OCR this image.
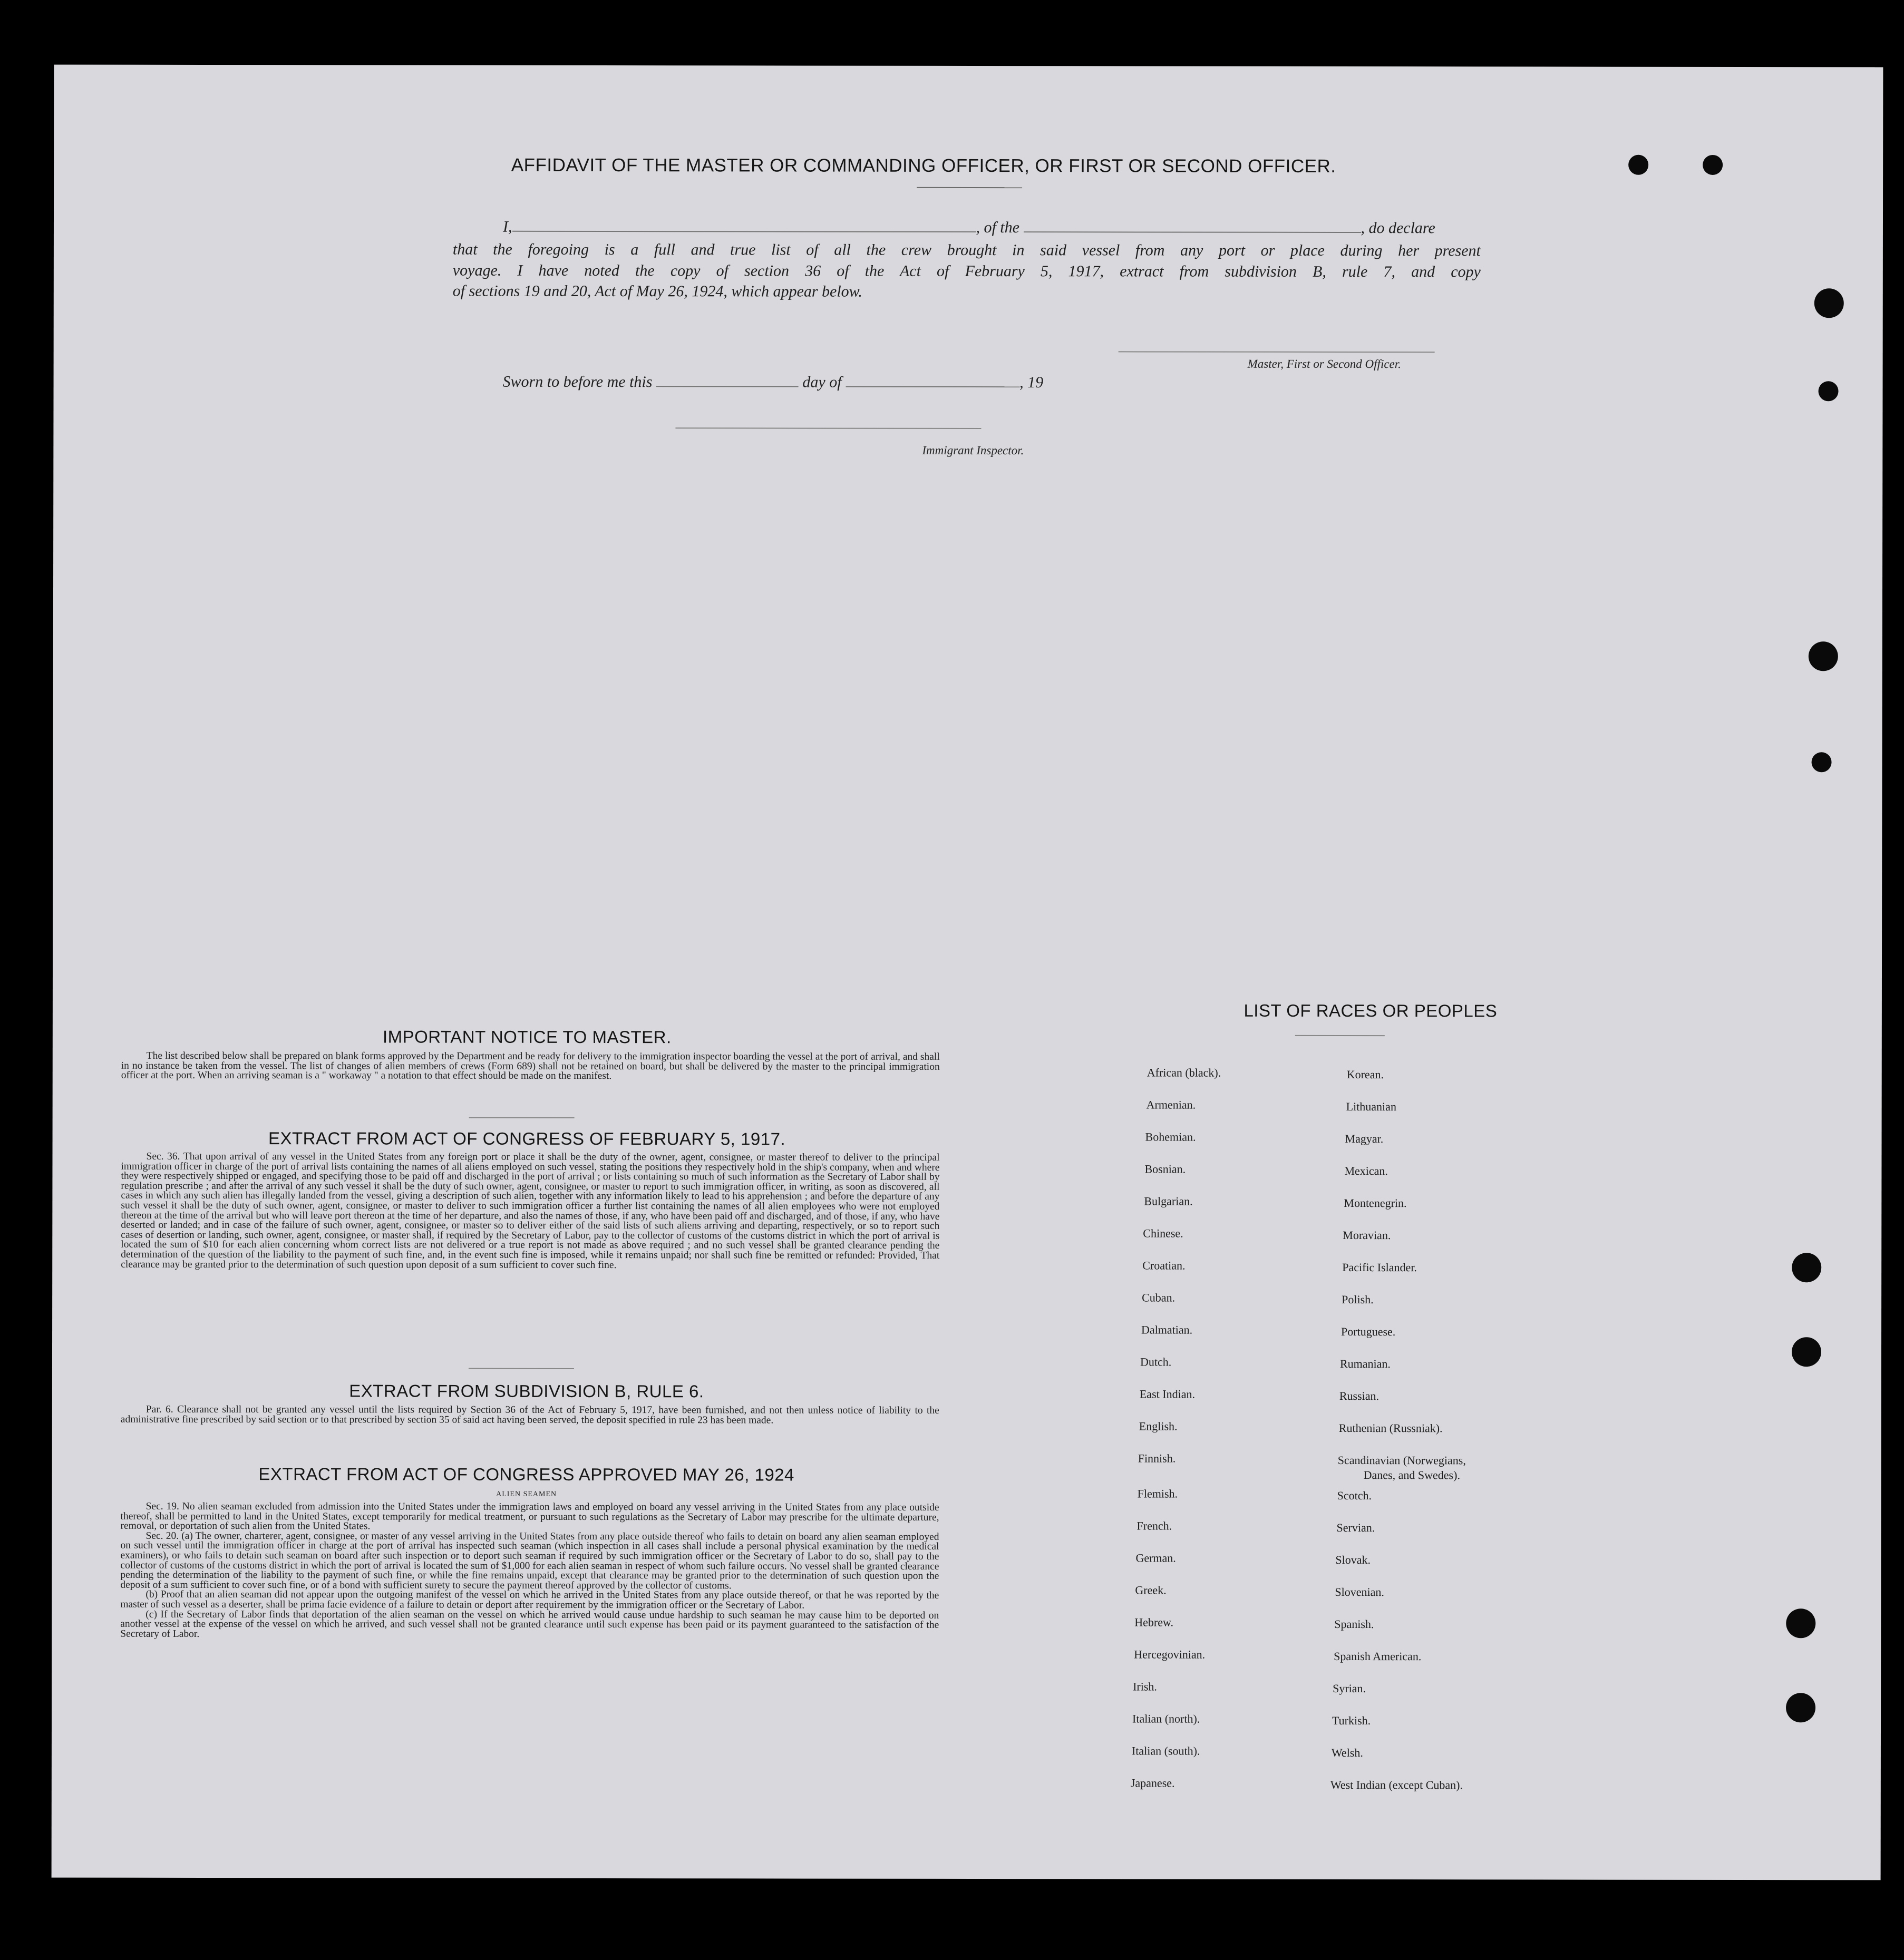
AFFIDAVIT OF THE MASTER OR COMMANDING OFFICER, OR FIRST OR SECOND OFFICER.
I,	, of the	, do declare
that the foregoing is a full and true list of all the crew brought in said vessel from any port or place during her present
voyage. I have noted the copy of section 36 of the Act of February 5, 1917, extract from subdivision B, rule 7, and copy
of sections 19 and 20, Act of May 26, 1924, which appear below.
Master, First or Second Officer.
Sworn to before me this	day of	, 19
Immigrant Inspector.
IMPORTANT NOTICE TO MASTER.

The list described below shall be prepared on blank forms approved by the Department and be ready for delivery to the immigration inspector boarding the vessel at the port of arrival, and shall in no instance be taken from the vessel. The list of changes of alien members of crews (Form 689) shall not be retained on board, but shall be delivered by the master to the principal immigration officer at the port. When an arriving seaman is a " workaway " a notation to that effect should be made on the manifest.

EXTRACT FROM ACT OF CONGRESS OF FEBRUARY 5, 1917.

Sec. 36. That upon arrival of any vessel in the United States from any foreign port or place it shall be the duty of the owner, agent, consignee, or master thereof to deliver to the principal immigration officer in charge of the port of arrival lists containing the names of all aliens employed on such vessel, stating the positions they respectively hold in the ship's company, when and where they were respectively shipped or engaged, and specifying those to be paid off and discharged in the port of arrival ; or lists containing so much of such information as the Secretary of Labor shall by regulation prescribe ; and after the arrival of any such vessel it shall be the duty of such owner, agent, consignee, or master to report to such immigration officer, in writing, as soon as discovered, all cases in which any such alien has illegally landed from the vessel, giving a description of such alien, together with any information likely to lead to his apprehension ; and before the departure of any such vessel it shall be the duty of such owner, agent, consignee, or master to deliver to such immigration officer a further list containing the names of all alien employees who were not employed thereon at the time of the arrival but who will leave port thereon at the time of her departure, and also the names of those, if any, who have been paid off and discharged, and of those, if any, who have deserted or landed; and in case of the failure of such owner, agent, consignee, or master so to deliver either of the said lists of such aliens arriving and departing, respectively, or so to report such cases of desertion or landing, such owner, agent, consignee, or master shall, if required by the Secretary of Labor, pay to the collector of customs of the customs district in which the port of arrival is located the sum of $10 for each alien concerning whom correct lists are not delivered or a true report is not made as above required ; and no such vessel shall be granted clearance pending the determination of the question of the liability to the payment of such fine, and, in the event such fine is imposed, while it remains unpaid; nor shall such fine be remitted or refunded: Provided, That clearance may be granted prior to the determination of such question upon deposit of a sum sufficient to cover such fine.

EXTRACT FROM SUBDIVISION B, RULE 6.

Par. 6. Clearance shall not be granted any vessel until the lists required by Section 36 of the Act of February 5, 1917, have been furnished, and not then unless notice of liability to the administrative fine prescribed by said section or to that prescribed by section 35 of said act having been served, the deposit specified in rule 23 has been made.

EXTRACT FROM ACT OF CONGRESS APPROVED MAY 26, 1924
ALIEN SEAMEN

Sec. 19. No alien seaman excluded from admission into the United States under the immigration laws and employed on board any vessel arriving in the United States from any place outside thereof, shall be permitted to land in the United States, except temporarily for medical treatment, or pursuant to such regulations as the Secretary of Labor may prescribe for the ultimate departure, removal, or deportation of such alien from the United States.

Sec. 20. (a) The owner, charterer, agent, consignee, or master of any vessel arriving in the United States from any place outside thereof who fails to detain on board any alien seaman employed on such vessel until the immigration officer in charge at the port of arrival has inspected such seaman (which inspection in all cases shall include a personal physical examination by the medical examiners), or who fails to detain such seaman on board after such inspection or to deport such seaman if required by such immigration officer or the Secretary of Labor to do so, shall pay to the collector of customs of the customs district in which the port of arrival is located the sum of $1,000 for each alien seaman in respect of whom such failure occurs. No vessel shall be granted clearance pending the determination of the liability to the payment of such fine, or while the fine remains unpaid, except that clearance may be granted prior to the determination of such question upon the deposit of a sum sufficient to cover such fine, or of a bond with sufficient surety to secure the payment thereof approved by the collector of customs.

(b) Proof that an alien seaman did not appear upon the outgoing manifest of the vessel on which he arrived in the United States from any place outside thereof, or that he was reported by the master of such vessel as a deserter, shall be prima facie evidence of a failure to detain or deport after requirement by the immigration officer or the Secretary of Labor.

(c) If the Secretary of Labor finds that deportation of the alien seaman on the vessel on which he arrived would cause undue hardship to such seaman he may cause him to be deported on another vessel at the expense of the vessel on which he arrived, and such vessel shall not be granted clearance until such expense has been paid or its payment guaranteed to the satisfaction of the Secretary of Labor.

LIST OF RACES OR PEOPLES
African (black).
Armenian.
Bohemian.
Bosnian.
Bulgarian.
Chinese.
Croatian.
Cuban.
Dalmatian.
Dutch.
East Indian.
English.
Finnish.
Flemish.
French.
German.
Greek.
Hebrew.
Hercegovinian.
Irish.
Italian (north).
Italian (south).
Japanese.
Korean.
Lithuanian
Magyar.
Mexican.
Montenegrin.
Moravian.
Pacific Islander.
Polish.
Portuguese.
Rumanian.
Russian.
Ruthenian (Russniak).
Scandinavian (Norwegians,
Danes, and Swedes).
Scotch.
Servian.
Slovak.
Slovenian.
Spanish.
Spanish American.
Syrian.
Turkish.
Welsh.
West Indian (except Cuban).
